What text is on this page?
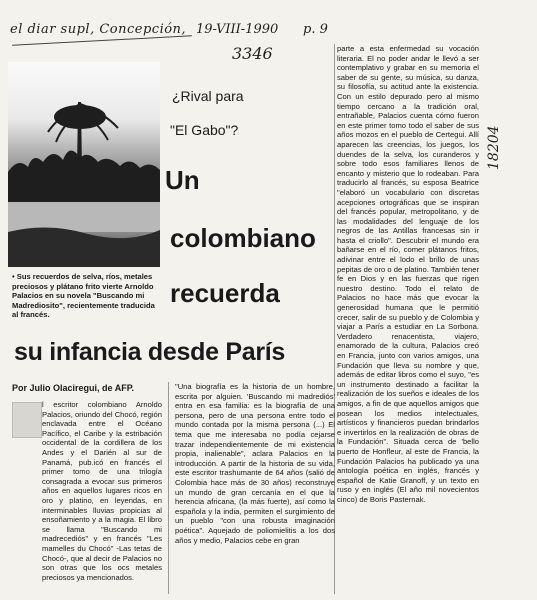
el diar supl, Concepción, 19-VIII-1990 p. 9
3346
18204
• Sus recuerdos de selva, ríos, metales preciosos y plátano frito vierte Arnoldo Palacios en su novela "Buscando mi Madrediosito", recientemente traducida al francés.
¿Rival para
"El Gabo"?
Un
colombiano
recuerda
su infancia desde París
Por Julio Olaciregui, de AFP.

l escritor colombiano Arnoldo Palacios, oriundo del Chocó, región enclavada entre el Océano Pacífico, el Caribe y la estribación occidental de la cordillera de los Andes y el Darién al sur de Panamá, pub.icó en francés el primer tomo de una trilogía consagrada a evocar sus primeros años en aquellos lugares ricos en oro y platino, en leyendas, en interminables lluvias propicias al ensoñamiento y a la magia. El libro se llama "Buscando mi madrecediós" y en francés "Les mamelles du Chocó" -Las tetas de Chocó-, que al decir de Palacios no son otras que los ocs metales preciosos ya mencionados.

"Una biografía es la historia de un hombre, escrita por alguien. 'Buscando mi madrediós' entra en esa familia: es la biografía de una persona, pero de una persona entre todo el mundo contada por la misma persona (...) El tema que me interesaba no podía cejarse trazar independientemente de mi existencia propia, inalienable", aclara Palacios en la introducción. A partir de la historia de su vida, este escritor trashumante de 64 años (salió de Colombia hace más de 30 años) reconstruye un mundo de gran cercanía en el que la herencia africana, (la más fuerte), así como la española y la india, permiten el surgimiento de un pueblo "con una robusta imaginación poética". Aquejado de poliomielitis a los dos años y medio, Palacios cebe en gran

parte a esta enfermedad su vocación literaria. El no poder andar le llevó a ser contemplativo y grabar en su memoria el saber de su gente, su música, su danza, su filosofía, su actitud ante la existencia. Con un estilo depurado pero al mismo tiempo cercano a la tradición oral, entrañable, Palacios cuenta cómo fueron en este primer tomo todo el saber de sus años mozos en el pueblo de Certegui. Allí aparecen las creencias, los juegos, los duendes de la selva, los curanderos y sobre todo esos familiares llenos de encanto y misterio que lo rodeaban. Para traducirlo al francés, su esposa Beatrice "elaboró un vocabulario con discretas acepciones ortográficas que se inspiran del francés popular, metropolitano, y de las modalidades del lenguaje de los negros de las Antillas francesas sin ir hasta el criollo". Descubrir el mundo era bañarse en el río, comer plátanos fritos, adivinar entre el lodo el brillo de unas pepitas de oro o de platino. También tener fe en Dios y en las fuerzas que rigen nuestro destino. Todo el relato de Palacios no hace más que evocar la generosidad humana que le permitió crecer, salir de su pueblo y de Colombia y viajar a París a estudiar en La Sorbona. Verdadero renacentista, viajero, enamorado de la cultura, Palacios creó en Francia, junto con varios amigos, una Fundación que lleva su nombre y que, además de editar libros como el suyo, "es un instrumento destinado a facilitar la realización de los sueños e ideales de los amigos, a fin de que aquellos amigos que posean los medios intelectuales, artísticos y financieros puedan brindarlos e invertirlos en la realización de obras de la Fundación". Situada cerca de 'bello puerto de Honfleur, al este de Francia, la Fundación Palacios ha publicado ya una antología poética en inglés, francés y español de Katie Granoff, y un texto en ruso y en inglés (El año mil novecientos cinco) de Boris Pasternak.
